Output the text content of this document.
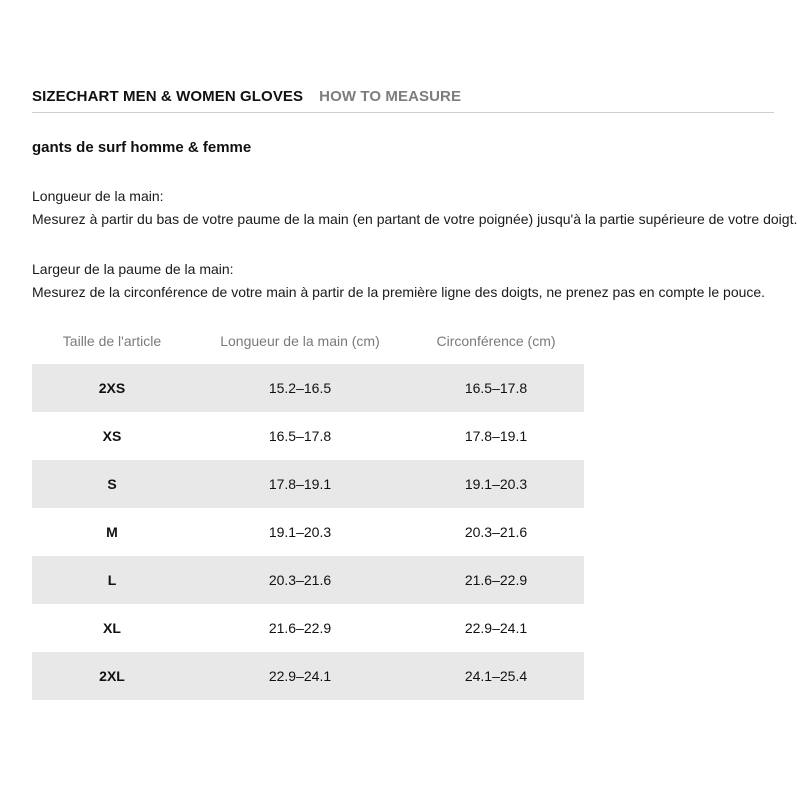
SIZECHART MEN & WOMEN GLOVES HOW TO MEASURE
gants de surf homme & femme
Longueur de la main:
Mesurez à partir du bas de votre paume de la main (en partant de votre poignée) jusqu'à la partie supérieure de votre doigt.
Largeur de la paume de la main:
Mesurez de la circonférence de votre main à partir de la première ligne des doigts, ne prenez pas en compte le pouce.
Taille de l'article	Longueur de la main (cm)	Circonférence (cm)
2XS	15.2–16.5	16.5–17.8
XS	16.5–17.8	17.8–19.1
S	17.8–19.1	19.1–20.3
M	19.1–20.3	20.3–21.6
L	20.3–21.6	21.6–22.9
XL	21.6–22.9	22.9–24.1
2XL	22.9–24.1	24.1–25.4
